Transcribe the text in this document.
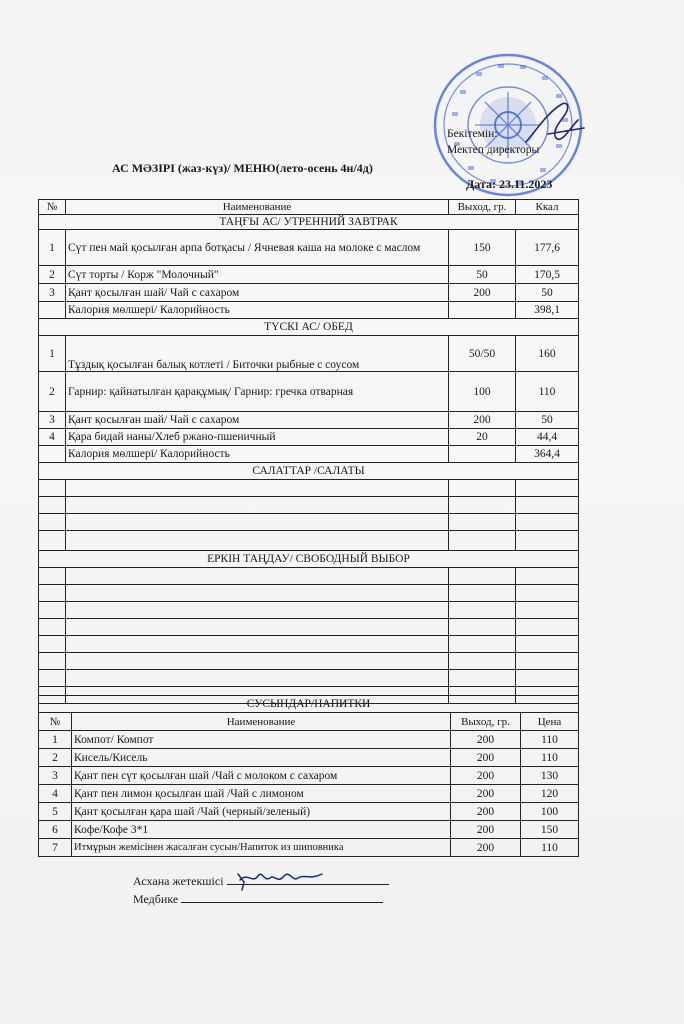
Бекітемін:
Мектеп директоры
АС МӘЗІРІ (жаз-күз)/ МЕНЮ(лето-осень 4н/4д)
Дата: 23.11.2023
№	Наименование	Выход, гр.	Ккал
ТАҢҒЫ АС/ УТРЕННИЙ ЗАВТРАК			
1	Сүт пен май қосылған арпа ботқасы / Ячневая каша на молоке с маслом	150	177,6
2	Сүт торты / Корж "Молочный"	50	170,5
3	Қант қосылған шай/ Чай с сахаром	200	50
	Калория мөлшері/ Калорийность		398,1
ТҮСКІ АС/ ОБЕД			
1	Тұздық қосылған балық котлеті / Биточки рыбные с соусом	50/50	160
2	Гарнир: қайнатылған қарақұмық/ Гарнир: гречка отварная	100	110
3	Қант қосылған шай/ Чай с сахаром	200	50
4	Қара бидай наны/Хлеб ржано-пшеничный	20	44,4
	Калория мөлшері/ Калорийность		364,4
САЛАТТАР /САЛАТЫ			

ЕРКІН ТАҢДАУ/ СВОБОДНЫЙ ВЫБОР			

СУСЫНДАР/НАПИТКИ			
№	Наименование	Выход, гр.	Цена
1	Компот/ Компот	200	110
2	Кисель/Кисель	200	110
3	Қант пен сүт қосылған шай /Чай с молоком с сахаром	200	130
4	Қант пен лимон қосылған шай /Чай с лимоном	200	120
5	Қант қосылған қара шай /Чай (черный/зеленый)	200	100
6	Кофе/Кофе 3*1	200	150
7	Итмұрын жемісінен жасалған сусын/Напиток из шиповника	200	110
Асхана жетекшісі
Медбике
